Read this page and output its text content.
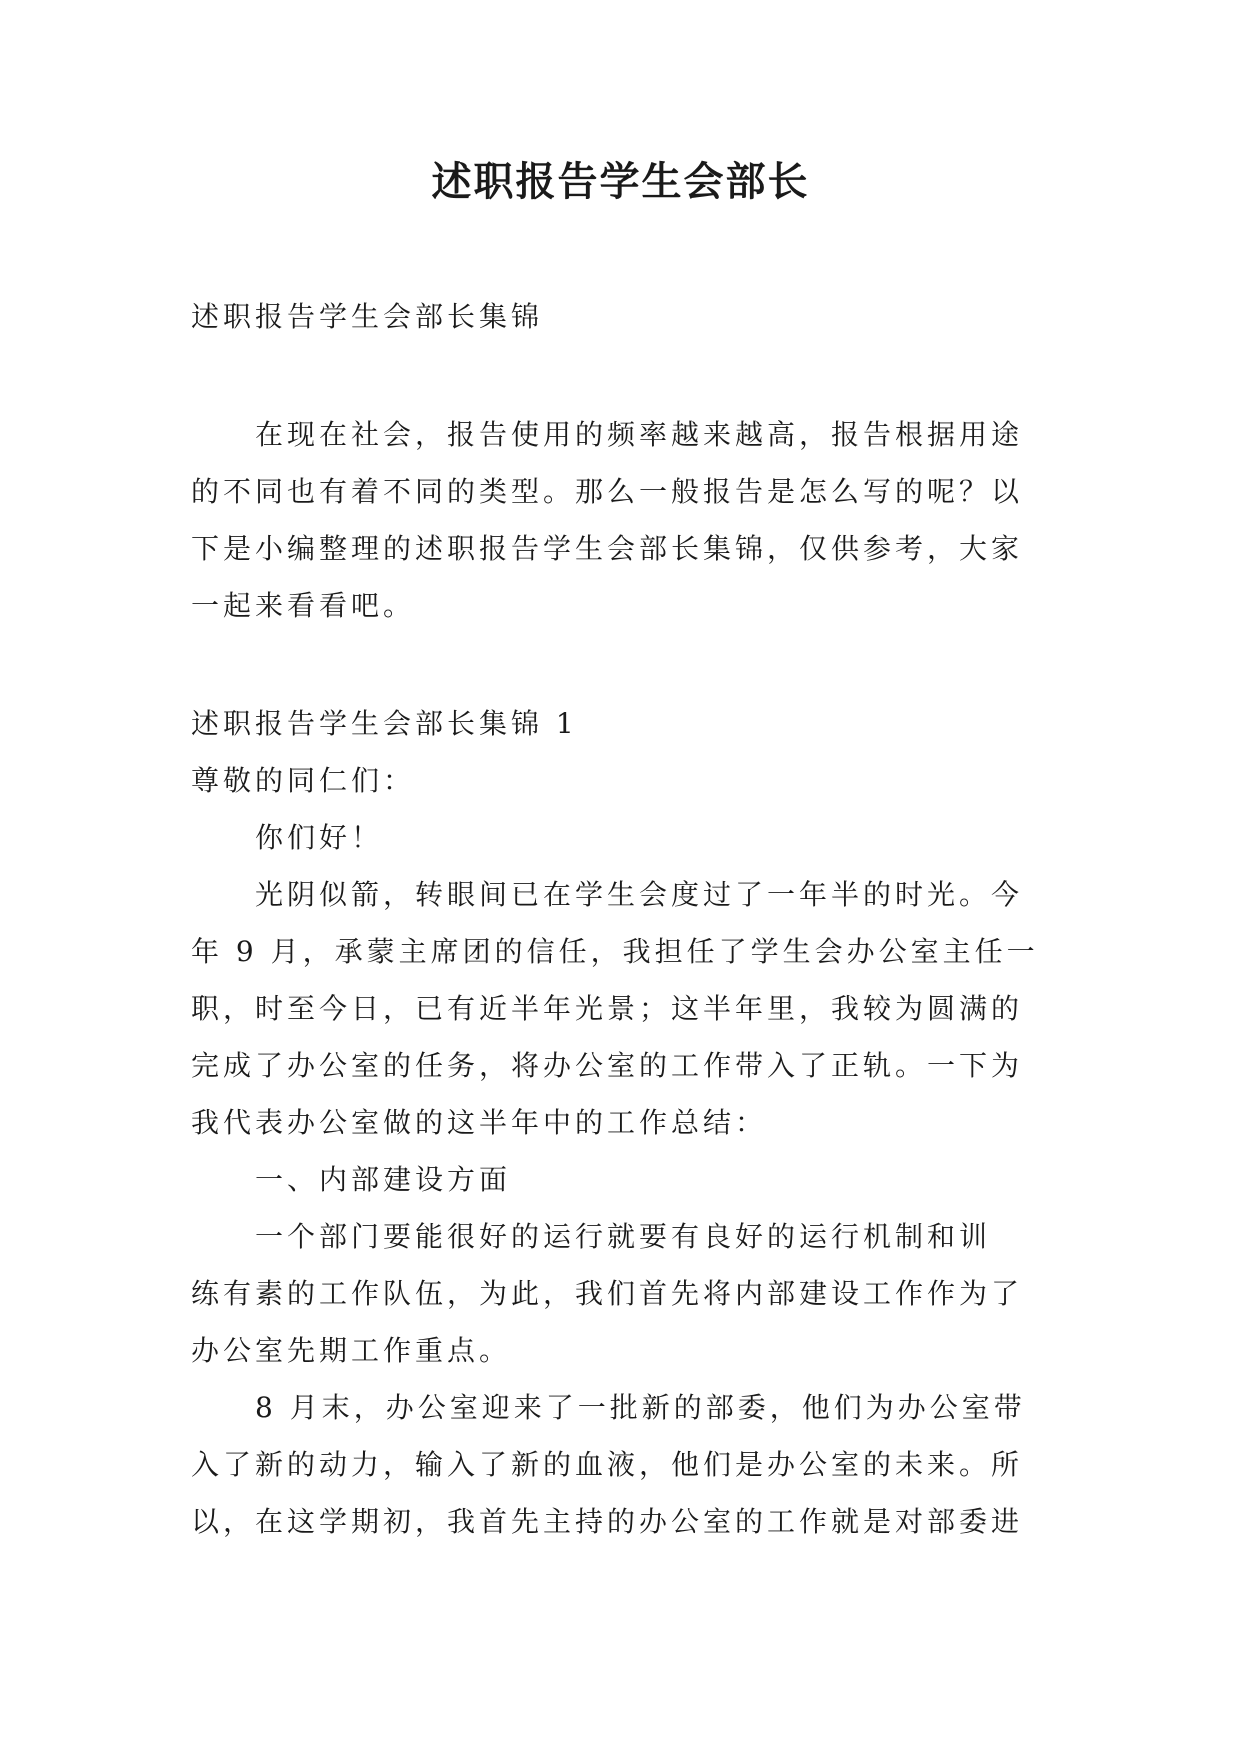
述职报告学生会部长
述职报告学生会部长集锦
在现在社会，报告使用的频率越来越高，报告根据用途
的不同也有着不同的类型。那么一般报告是怎么写的呢？以
下是小编整理的述职报告学生会部长集锦，仅供参考，大家
一起来看看吧。
述职报告学生会部长集锦 1
尊敬的同仁们：
你们好！
光阴似箭，转眼间已在学生会度过了一年半的时光。今
年 9 月，承蒙主席团的信任，我担任了学生会办公室主任一
职，时至今日，已有近半年光景；这半年里，我较为圆满的
完成了办公室的任务，将办公室的工作带入了正轨。一下为
我代表办公室做的这半年中的工作总结：
一、内部建设方面
一个部门要能很好的运行就要有良好的运行机制和训
练有素的工作队伍，为此，我们首先将内部建设工作作为了
办公室先期工作重点。
8 月末，办公室迎来了一批新的部委，他们为办公室带
入了新的动力，输入了新的血液，他们是办公室的未来。所
以，在这学期初，我首先主持的办公室的工作就是对部委进
